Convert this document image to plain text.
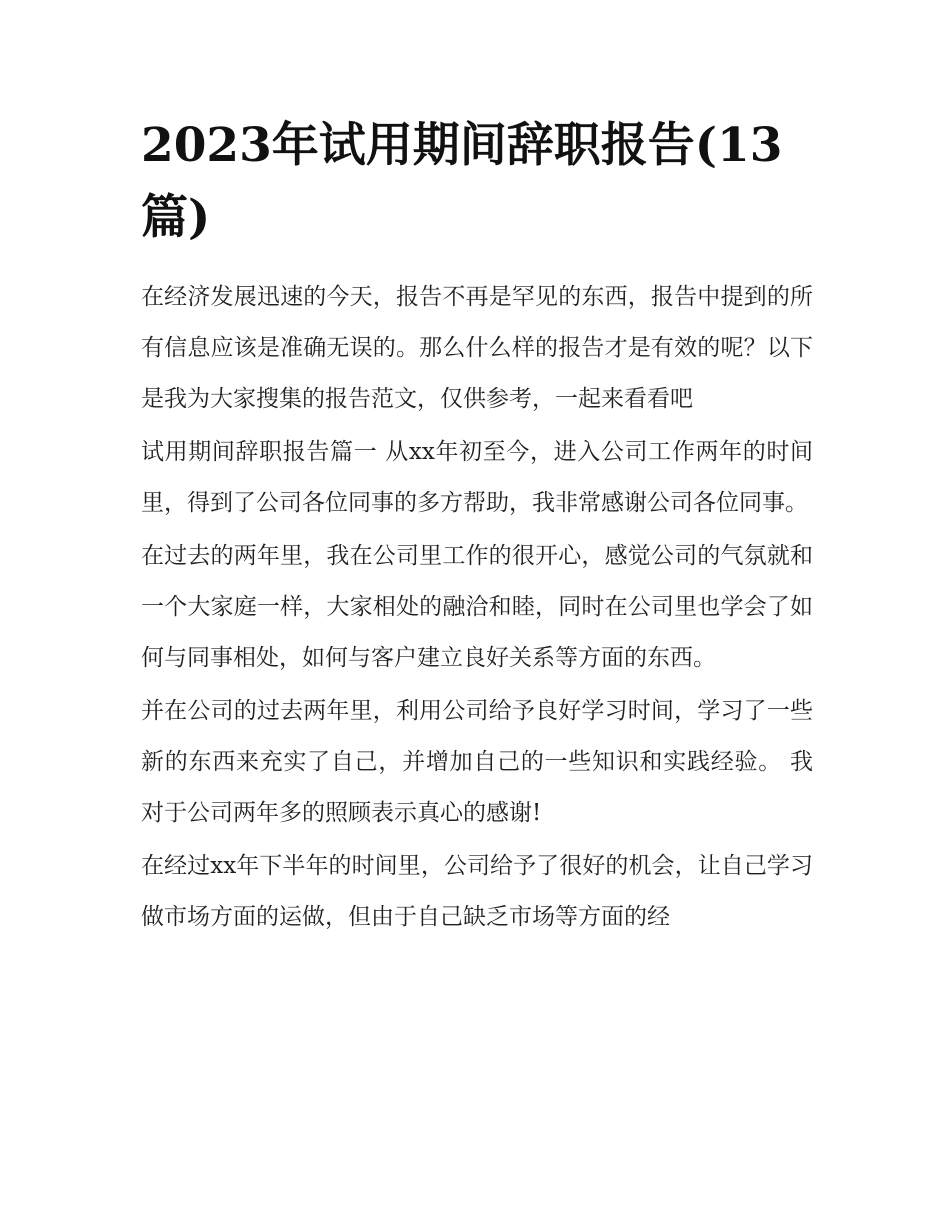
2023年试用期间辞职报告(13篇)

在经济发展迅速的今天，报告不再是罕见的东西，报告中提到的所有信息应该是准确无误的。那么什么样的报告才是有效的呢？以下是我为大家搜集的报告范文，仅供参考，一起来看看吧

试用期间辞职报告篇一 从xx年初至今，进入公司工作两年的时间里，得到了公司各位同事的多方帮助，我非常感谢公司各位同事。

在过去的两年里，我在公司里工作的很开心，感觉公司的气氛就和一个大家庭一样，大家相处的融洽和睦，同时在公司里也学会了如何与同事相处，如何与客户建立良好关系等方面的东西。

并在公司的过去两年里，利用公司给予良好学习时间，学习了一些新的东西来充实了自己，并增加自己的一些知识和实践经验。 我对于公司两年多的照顾表示真心的感谢!

在经过xx年下半年的时间里，公司给予了很好的机会，让自己学习做市场方面的运做，但由于自己缺乏市场等方面的经
